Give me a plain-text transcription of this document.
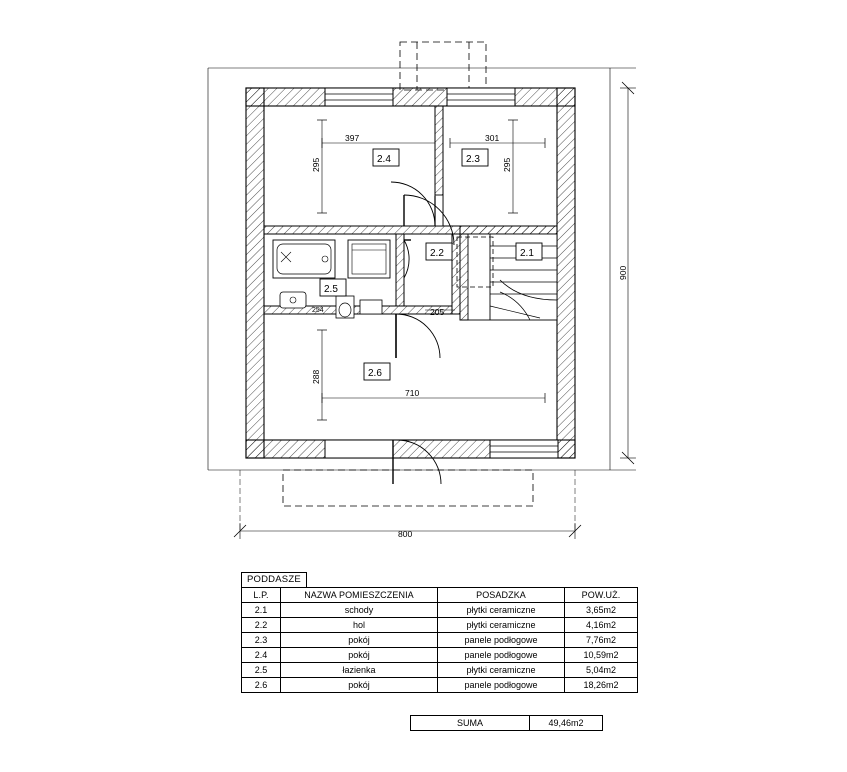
397	301
295	295
710
288
205
254
900
800
2.4	2.3
2.2	2.1
2.5
2.6
PODDASZE
L.P.	NAZWA POMIESZCZENIA	POSADZKA	POW.UŻ.
2.1	schody	płytki ceramiczne	3,65m2
2.2	hol	płytki ceramiczne	4,16m2
2.3	pokój	panele podłogowe	7,76m2
2.4	pokój	panele podłogowe	10,59m2
2.5	łazienka	płytki ceramiczne	5,04m2
2.6	pokój	panele podłogowe	18,26m2
SUMA	49,46m2
